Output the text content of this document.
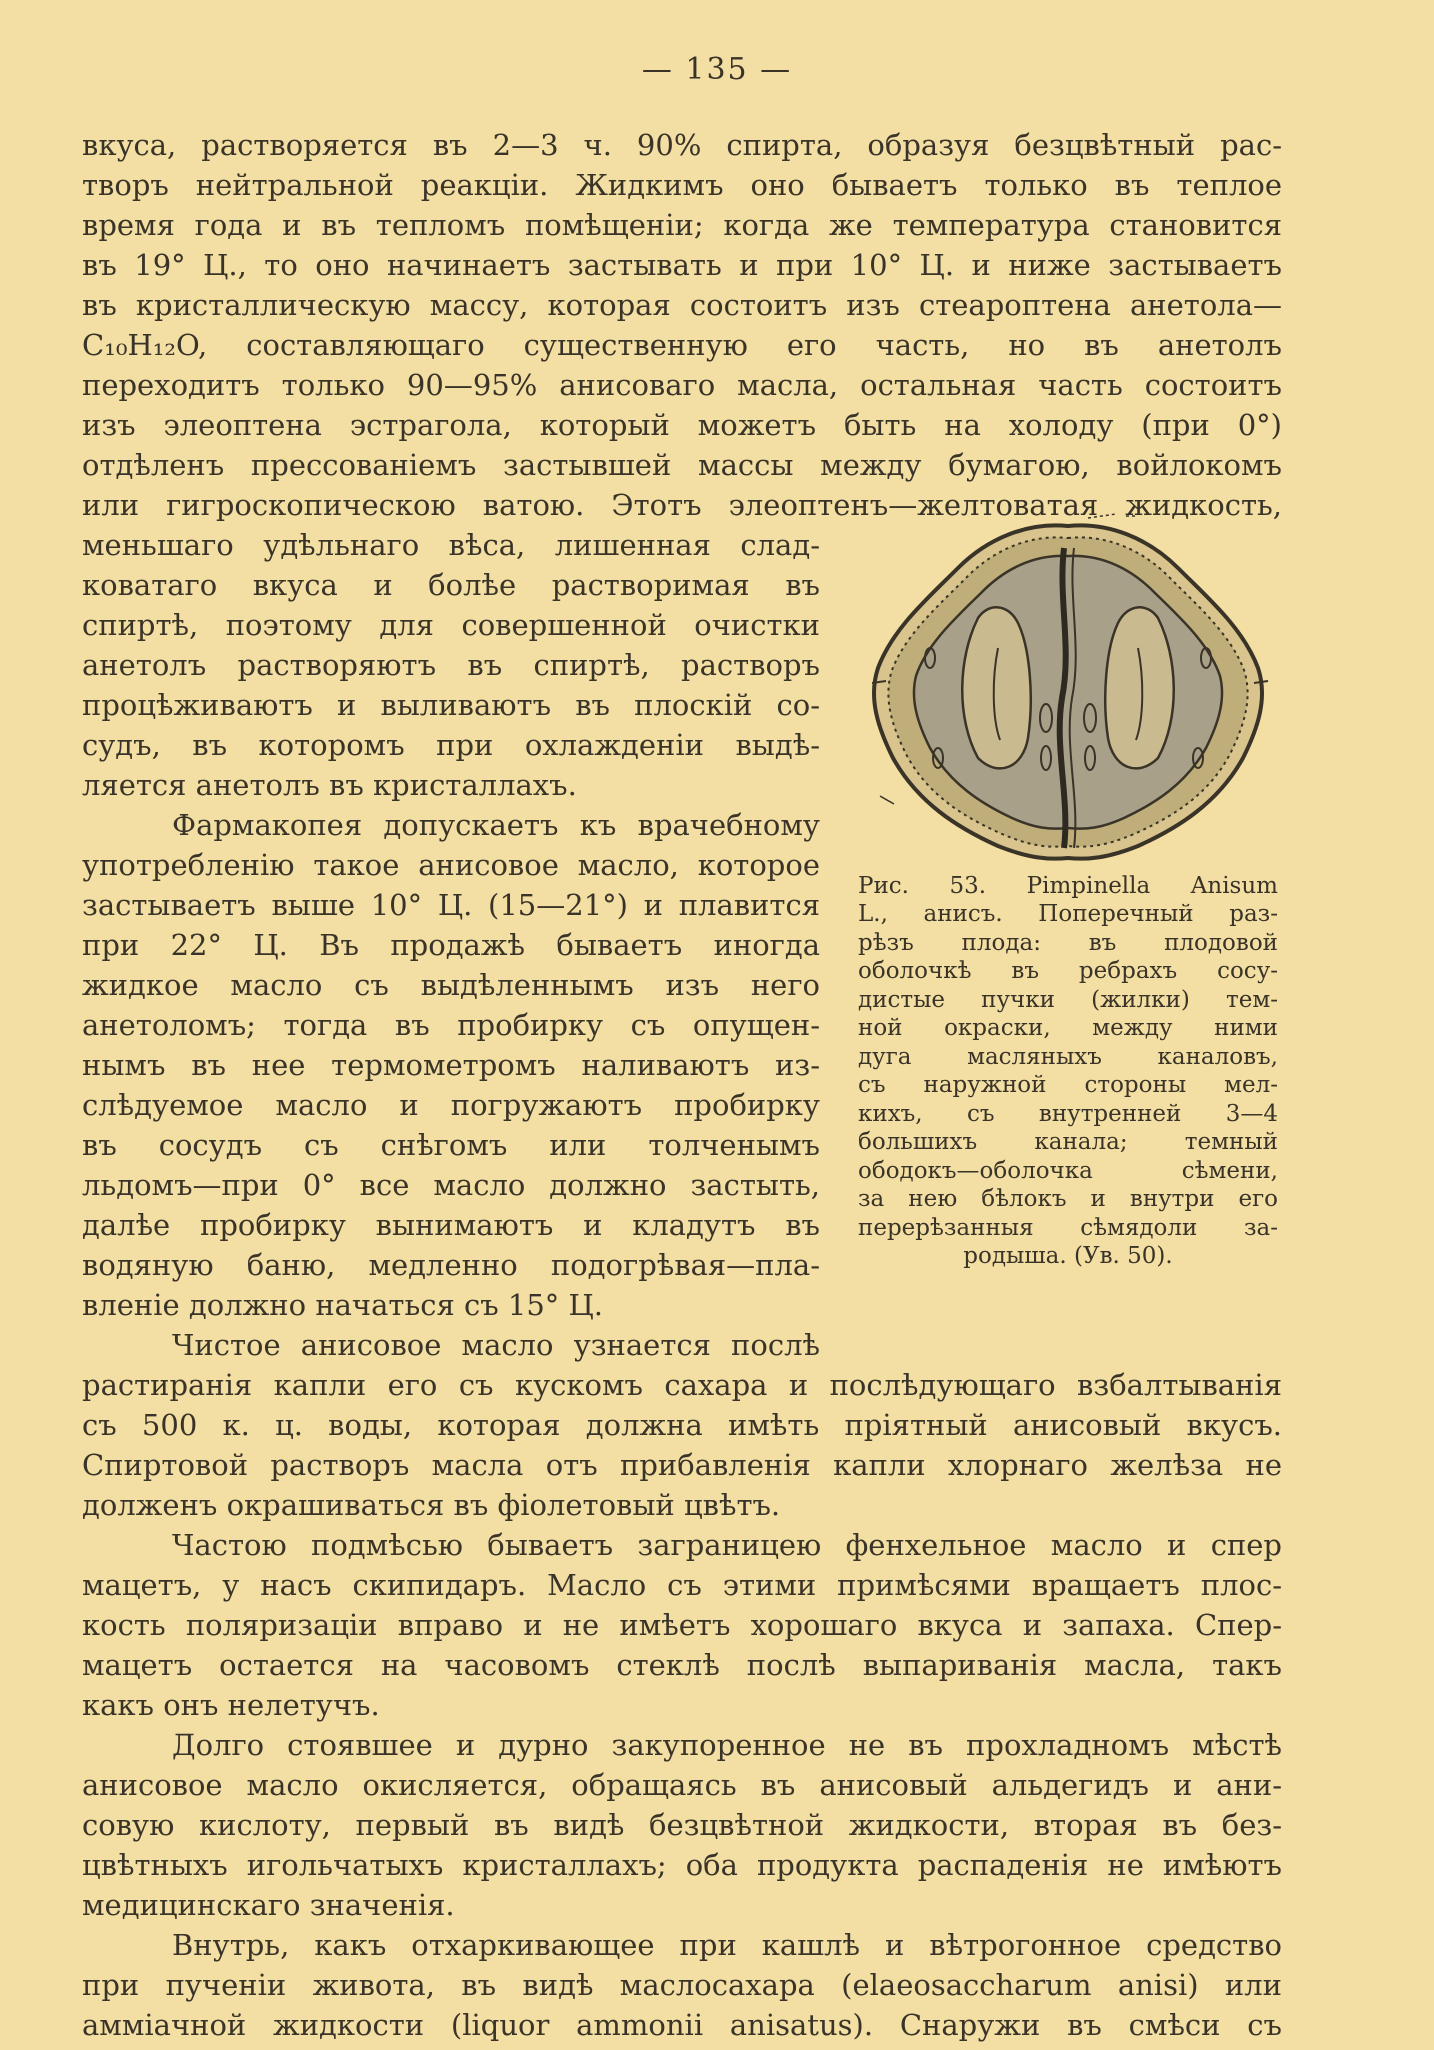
— 135 —
вкуса, растворяется въ 2—3 ч. 90% спирта, образуя безцвѣтный рас-
творъ нейтральной реакціи. Жидкимъ оно бываетъ только въ теплое
время года и въ тепломъ помѣщеніи; когда же температура становится
въ 19° Ц., то оно начинаетъ застывать и при 10° Ц. и ниже застываетъ
въ кристаллическую массу, которая состоитъ изъ стеароптена анетола—
C₁₀H₁₂O, составляющаго существенную его часть, но въ анетолъ
переходитъ только 90—95% анисоваго масла, остальная часть состоитъ
изъ элеоптена эстрагола, который можетъ быть на холоду (при 0°)
отдѣленъ прессованіемъ застывшей массы между бумагою, войлокомъ
или гигроскопическою ватою. Этотъ элеоптенъ—желтоватая жидкость,
меньшаго удѣльнаго вѣса, лишенная слад-
коватаго вкуса и болѣе растворимая въ
спиртѣ, поэтому для совершенной очистки
анетолъ растворяютъ въ спиртѣ, растворъ
процѣживаютъ и выливаютъ въ плоскій со-
судъ, въ которомъ при охлажденіи выдѣ-
ляется анетолъ въ кристаллахъ.
Фармакопея допускаетъ къ врачебному
употребленію такое анисовое масло, которое
застываетъ выше 10° Ц. (15—21°) и плавится
при 22° Ц. Въ продажѣ бываетъ иногда
жидкое масло съ выдѣленнымъ изъ него
анетоломъ; тогда въ пробирку съ опущен-
нымъ въ нее термометромъ наливаютъ из-
слѣдуемое масло и погружаютъ пробирку
въ сосудъ съ снѣгомъ или толченымъ
льдомъ—при 0° все масло должно застыть,
далѣе пробирку вынимаютъ и кладутъ въ
водяную баню, медленно подогрѣвая—пла-
вленіе должно начаться съ 15° Ц.
Чистое анисовое масло узнается послѣ
Рис. 53. Pimpinella Anisum
L., анисъ. Поперечный раз-
рѣзъ плода: въ плодовой
оболочкѣ въ ребрахъ сосу-
дистые пучки (жилки) тем-
ной окраски, между ними
дуга масляныхъ каналовъ,
съ наружной стороны мел-
кихъ, съ внутренней 3—4
большихъ канала; темный
ободокъ—оболочка сѣмени,
за нею бѣлокъ и внутри его
перерѣзанныя сѣмядоли за-
родыша. (Ув. 50).
растиранія капли его съ кускомъ сахара и послѣдующаго взбалтыванія
съ 500 к. ц. воды, которая должна имѣть пріятный анисовый вкусъ.
Спиртовой растворъ масла отъ прибавленія капли хлорнаго желѣза не
долженъ окрашиваться въ фіолетовый цвѣтъ.
Частою подмѣсью бываетъ заграницею фенхельное масло и спер
мацетъ, у насъ скипидаръ. Масло съ этими примѣсями вращаетъ плос-
кость поляризаціи вправо и не имѣетъ хорошаго вкуса и запаха. Спер-
мацетъ остается на часовомъ стеклѣ послѣ выпариванія масла, такъ
какъ онъ нелетучъ.
Долго стоявшее и дурно закупоренное не въ прохладномъ мѣстѣ
анисовое масло окисляется, обращаясь въ анисовый альдегидъ и ани-
совую кислоту, первый въ видѣ безцвѣтной жидкости, вторая въ без-
цвѣтныхъ игольчатыхъ кристаллахъ; оба продукта распаденія не имѣютъ
медицинскаго значенія.
Внутрь, какъ отхаркивающее при кашлѣ и вѣтрогонное средство
при пученіи живота, въ видѣ маслосахара (elaeosaccharum anisi) или
аммiачной жидкости (liquor ammonii anisatus). Снаружи въ смѣси съ
